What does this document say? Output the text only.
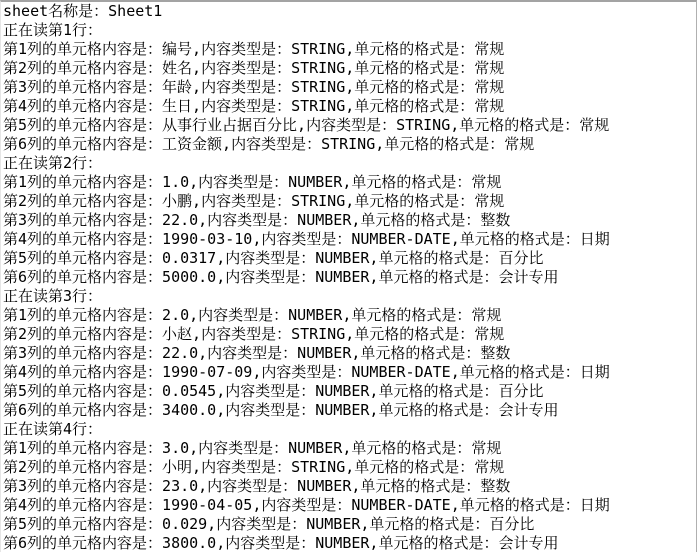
sheet名称是：Sheet1
正在读第1行：
第1列的单元格内容是：编号,内容类型是：STRING,单元格的格式是：常规
第2列的单元格内容是：姓名,内容类型是：STRING,单元格的格式是：常规
第3列的单元格内容是：年龄,内容类型是：STRING,单元格的格式是：常规
第4列的单元格内容是：生日,内容类型是：STRING,单元格的格式是：常规
第5列的单元格内容是：从事行业占据百分比,内容类型是：STRING,单元格的格式是：常规
第6列的单元格内容是：工资金额,内容类型是：STRING,单元格的格式是：常规
正在读第2行：
第1列的单元格内容是：1.0,内容类型是：NUMBER,单元格的格式是：常规
第2列的单元格内容是：小鹏,内容类型是：STRING,单元格的格式是：常规
第3列的单元格内容是：22.0,内容类型是：NUMBER,单元格的格式是：整数
第4列的单元格内容是：1990-03-10,内容类型是：NUMBER-DATE,单元格的格式是：日期
第5列的单元格内容是：0.0317,内容类型是：NUMBER,单元格的格式是：百分比
第6列的单元格内容是：5000.0,内容类型是：NUMBER,单元格的格式是：会计专用
正在读第3行：
第1列的单元格内容是：2.0,内容类型是：NUMBER,单元格的格式是：常规
第2列的单元格内容是：小赵,内容类型是：STRING,单元格的格式是：常规
第3列的单元格内容是：22.0,内容类型是：NUMBER,单元格的格式是：整数
第4列的单元格内容是：1990-07-09,内容类型是：NUMBER-DATE,单元格的格式是：日期
第5列的单元格内容是：0.0545,内容类型是：NUMBER,单元格的格式是：百分比
第6列的单元格内容是：3400.0,内容类型是：NUMBER,单元格的格式是：会计专用
正在读第4行：
第1列的单元格内容是：3.0,内容类型是：NUMBER,单元格的格式是：常规
第2列的单元格内容是：小明,内容类型是：STRING,单元格的格式是：常规
第3列的单元格内容是：23.0,内容类型是：NUMBER,单元格的格式是：整数
第4列的单元格内容是：1990-04-05,内容类型是：NUMBER-DATE,单元格的格式是：日期
第5列的单元格内容是：0.029,内容类型是：NUMBER,单元格的格式是：百分比
第6列的单元格内容是：3800.0,内容类型是：NUMBER,单元格的格式是：会计专用
